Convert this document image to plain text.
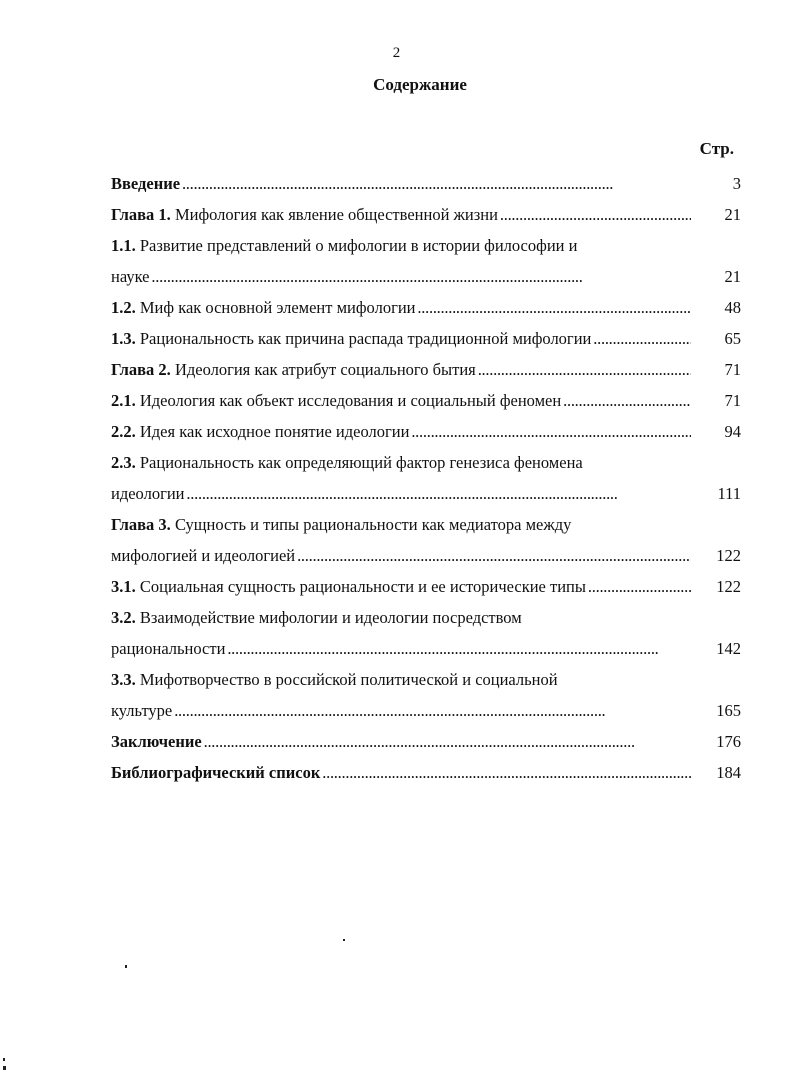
2
Содержание
Стр.
Введение . . .	3
Глава 1. Мифология как явление общественной жизни . . .	21
1.1. Развитие представлений о мифологии в истории философии и
науке . . .	21
1.2. Миф как основной элемент мифологии . . .	48
1.3. Рациональность как причина распада традиционной мифологии . . .	65
Глава 2. Идеология как атрибут социального бытия . . .	71
2.1. Идеология как объект исследования и социальный феномен . . .	71
2.2. Идея как исходное понятие идеологии . . .	94
2.3. Рациональность как определяющий фактор генезиса феномена
идеологии . . .	111
Глава 3. Сущность и типы рациональности как медиатора между
мифологией и идеологией . . .	122
3.1. Социальная сущность рациональности и ее исторические типы . . .	122
3.2. Взаимодействие мифологии и идеологии посредством
рациональности . . .	142
3.3. Мифотворчество в российской политической и социальной
культуре . . .	165
Заключение . . .	176
Библиографический список . . .	184
